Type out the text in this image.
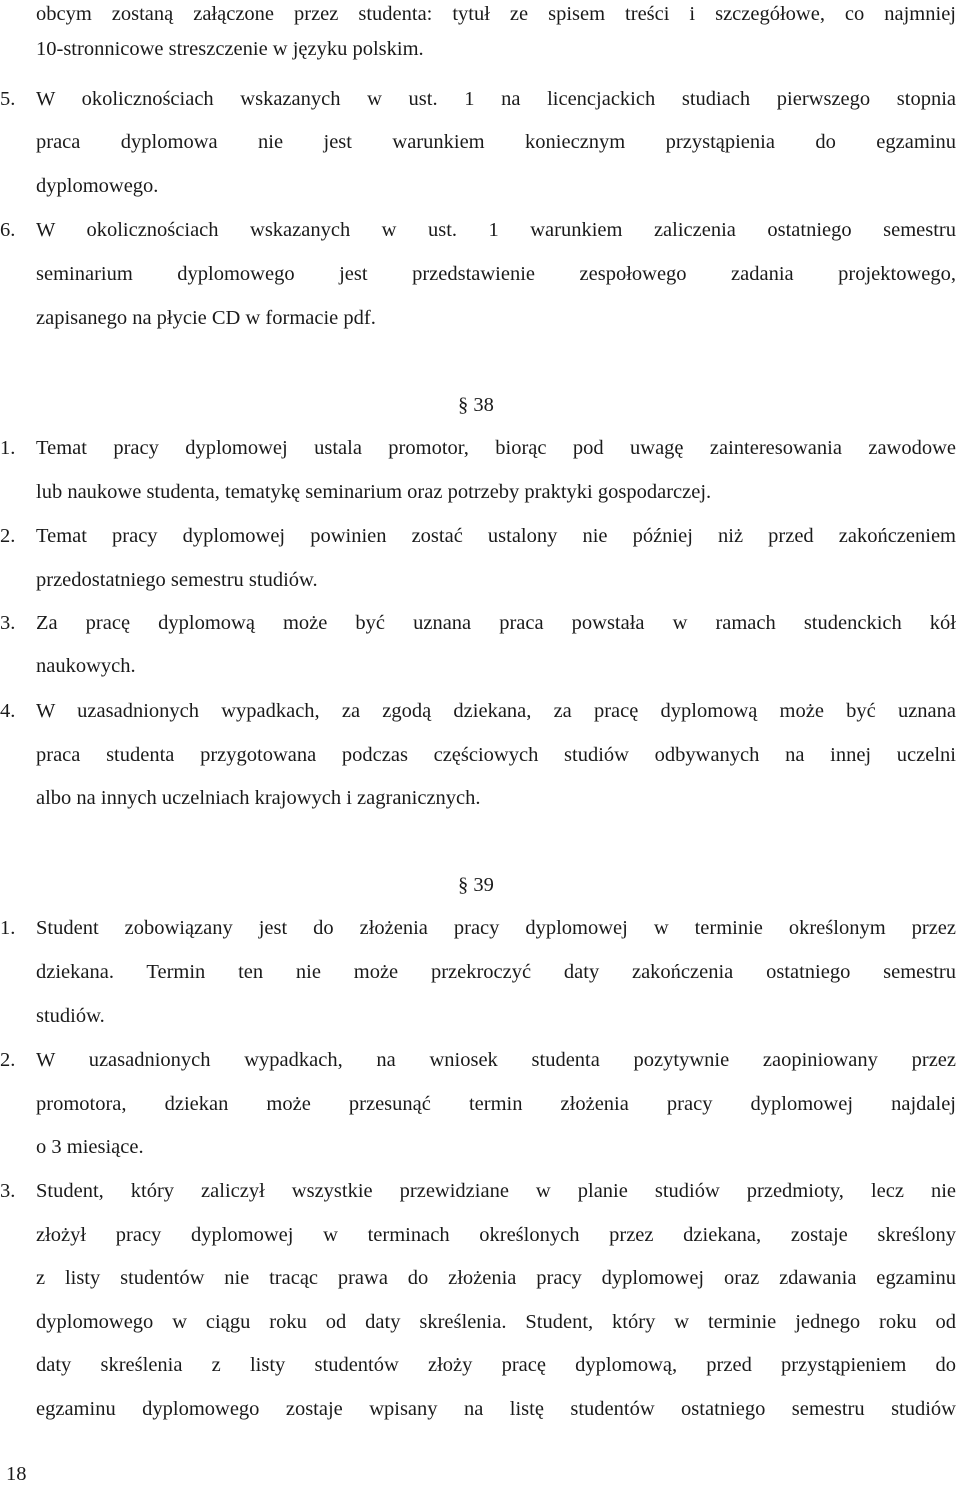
obcym zostaną załączone przez studenta: tytuł ze spisem treści i szczegółowe, co najmniej
10-stronnicowe streszczenie w języku polskim.
5. W okolicznościach wskazanych w ust. 1 na licencjackich studiach pierwszego stopnia
praca dyplomowa nie jest warunkiem koniecznym przystąpienia do egzaminu
dyplomowego.
6. W okolicznościach wskazanych w ust. 1 warunkiem zaliczenia ostatniego semestru
seminarium dyplomowego jest przedstawienie zespołowego zadania projektowego,
zapisanego na płycie CD w formacie pdf.
§ 38
1. Temat pracy dyplomowej ustala promotor, biorąc pod uwagę zainteresowania zawodowe
lub naukowe studenta, tematykę seminarium oraz potrzeby praktyki gospodarczej.
2. Temat pracy dyplomowej powinien zostać ustalony nie później niż przed zakończeniem
przedostatniego semestru studiów.
3. Za pracę dyplomową może być uznana praca powstała w ramach studenckich kół
naukowych.
4. W uzasadnionych wypadkach, za zgodą dziekana, za pracę dyplomową może być uznana
praca studenta przygotowana podczas częściowych studiów odbywanych na innej uczelni
albo na innych uczelniach krajowych i zagranicznych.
§ 39
1. Student zobowiązany jest do złożenia pracy dyplomowej w terminie określonym przez
dziekana. Termin ten nie może przekroczyć daty zakończenia ostatniego semestru
studiów.
2. W uzasadnionych wypadkach, na wniosek studenta pozytywnie zaopiniowany przez
promotora, dziekan może przesunąć termin złożenia pracy dyplomowej najdalej
o 3 miesiące.
3. Student, który zaliczył wszystkie przewidziane w planie studiów przedmioty, lecz nie
złożył pracy dyplomowej w terminach określonych przez dziekana, zostaje skreślony
z listy studentów nie tracąc prawa do złożenia pracy dyplomowej oraz zdawania egzaminu
dyplomowego w ciągu roku od daty skreślenia. Student, który w terminie jednego roku od
daty skreślenia z listy studentów złoży pracę dyplomową, przed przystąpieniem do
egzaminu dyplomowego zostaje wpisany na listę studentów ostatniego semestru studiów
18
